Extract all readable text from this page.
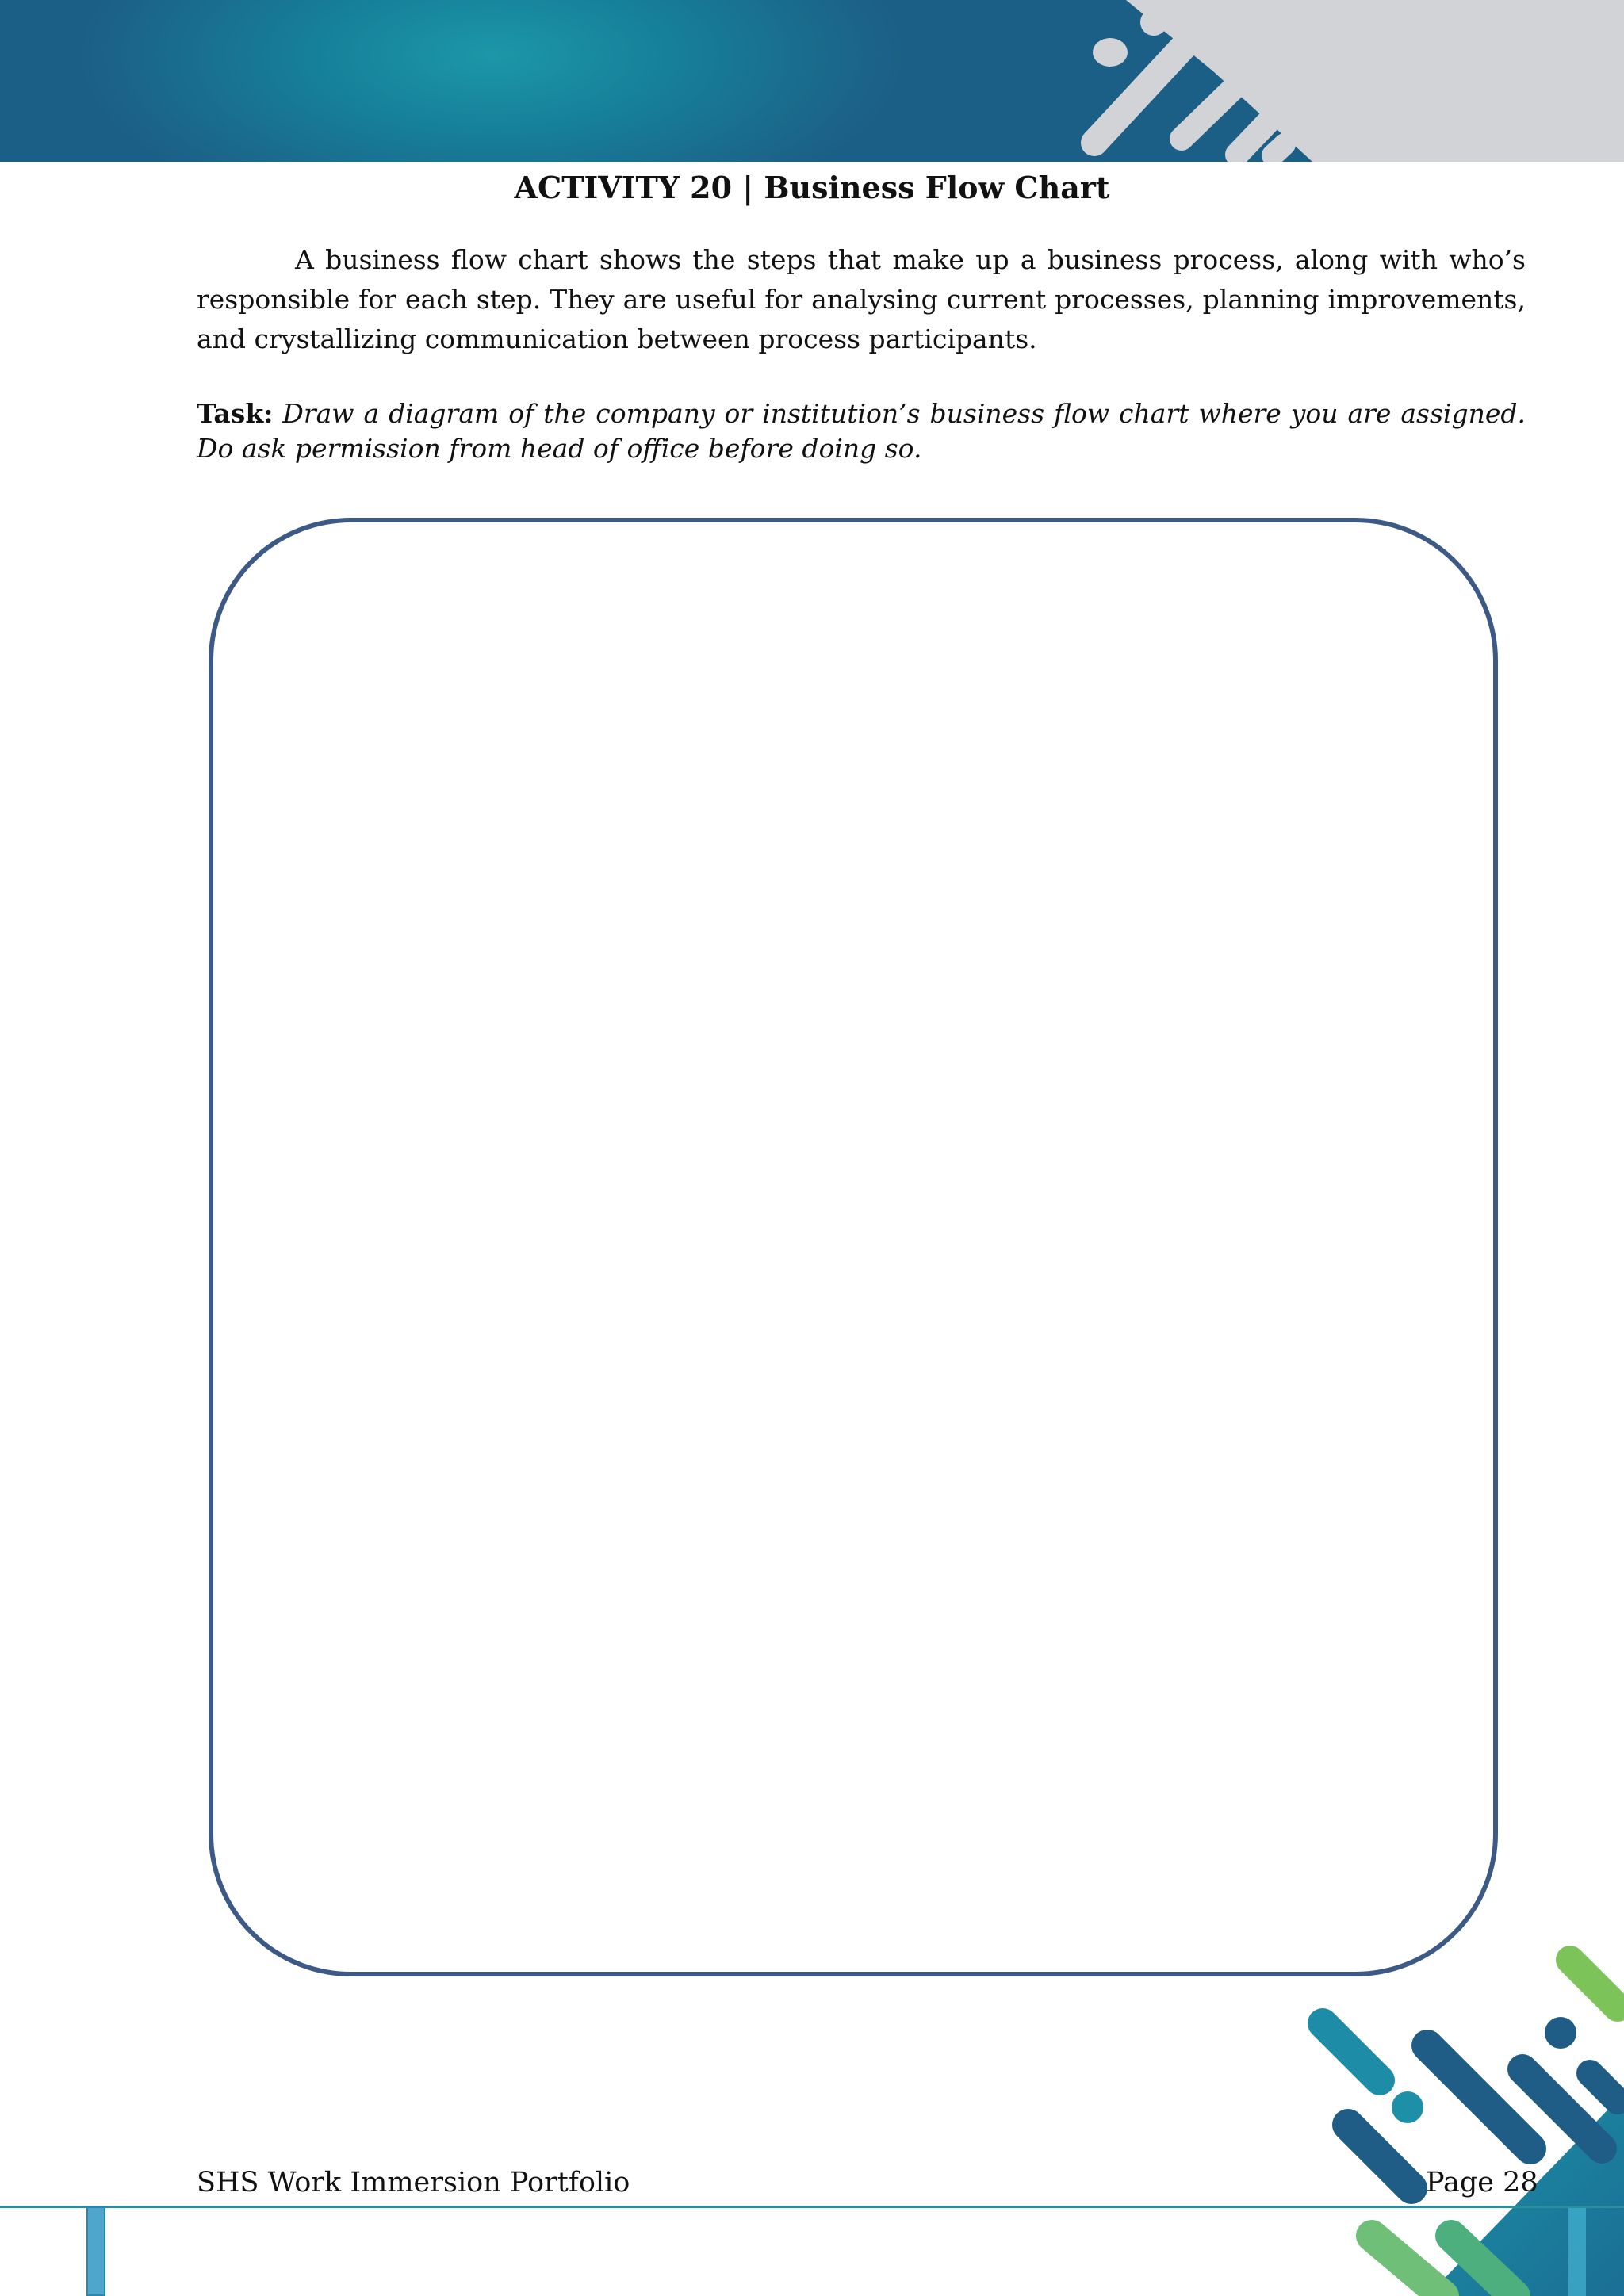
ACTIVITY 20 | Business Flow Chart

A business flow chart shows the steps that make up a business process, along with who’s responsible for each step. They are useful for analysing current processes, planning improvements, and crystallizing communication between process participants.

Task: Draw a diagram of the company or institution’s business flow chart where you are assigned. Do ask permission from head of office before doing so.

SHS Work Immersion Portfolio	Page 28
